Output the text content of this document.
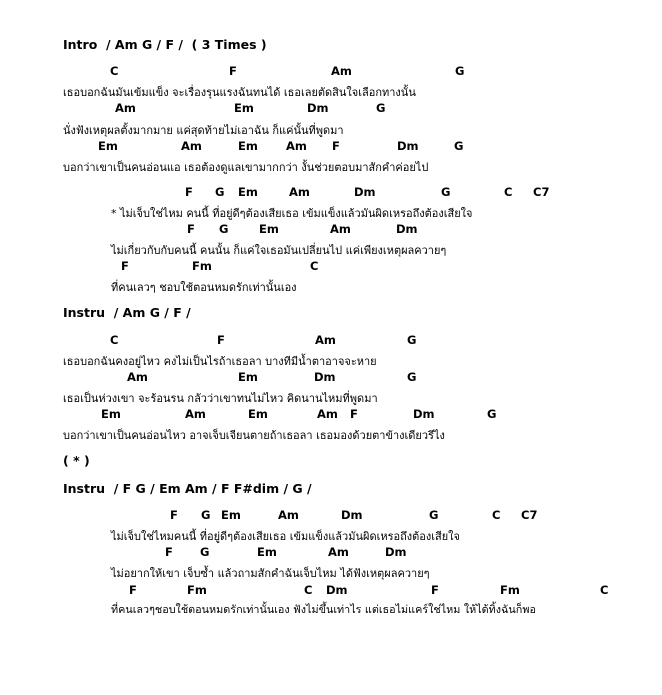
Intro  / Am G / F /  ( 3 Times )

C

	F

	Am

	G

เธอบอกฉันมันเข้มแข็ง จะเรื่องรุนแรงฉันทนได้ เธอเลยตัดสินใจเลือกทางนั้น

Am

	Em

	Dm

	G

นั่งฟังเหตุผลตั้งมากมาย แค่สุดท้ายไม่เอาฉัน ก็แค่นั้นที่พูดมา

Em

	Am

	Em

Am

F

	Dm

	G

บอกว่าเขาเป็นคนอ่อนแอ เธอต้องดูแลเขามากกว่า งั้นช่วยตอบมาสักคำค่อยไป

F

G

Em

	Am

	Dm

	G

	C

C7

* ไม่เจ็บใช่ไหม คนนี้ ที่อยู่ดีๆต้องเสียเธอ เข้มแข็งแล้วมันผิดเหรอถึงต้องเสียใจ

F

G

	Em

	Am

	Dm

ไม่เกี่ยวกับกับคนนี้ คนนั้น ก็แค่ใจเธอมันเปลี่ยนไป แค่เพียงเหตุผลควายๆ

F

	Fm

	C

ที่คนเลวๆ ชอบใช้ตอนหมดรักเท่านั้นเอง
Instru  / Am G / F /

C

	F

	Am

	G

เธอบอกฉันคงอยู่ไหว คงไม่เป็นไรถ้าเธอลา บางทีมีน้ำตาอาจจะหาย

Am

	Em

	Dm

	G

เธอเป็นห่วงเขา จะร้อนรน กลัวว่าเขาทนไม่ไหว คิดนานไหมที่พูดมา

Em

	Am

	Em

	Am

F

	Dm

	G

บอกว่าเขาเป็นคนอ่อนไหว อาจเจ็บเจียนตายถ้าเธอลา เธอมองด้วยตาข้างเดียวรึไง
( * )
Instru  / F G / Em Am / F F#dim / G /

F

G

Em

	Am

	Dm

	G

	C

C7

ไม่เจ็บใช่ไหมคนนี้ ที่อยู่ดีๆต้องเสียเธอ เข้มแข็งแล้วมันผิดเหรอถึงต้องเสียใจ

F

G

	Em

	Am

	Dm

ไม่อยากให้เขา เจ็บซ้ำ แล้วถามสักคำฉันเจ็บไหม ได้ฟังเหตุผลควายๆ

F

	Fm

	C

Dm

	F

	Fm

	C

ที่คนเลวๆชอบใช้ตอนหมดรักเท่านั้นเอง ฟังไม่ขึ้นเท่าไร แต่เธอไม่แคร์ใช่ไหม ให้ได้ทิ้งฉันก็พอ
